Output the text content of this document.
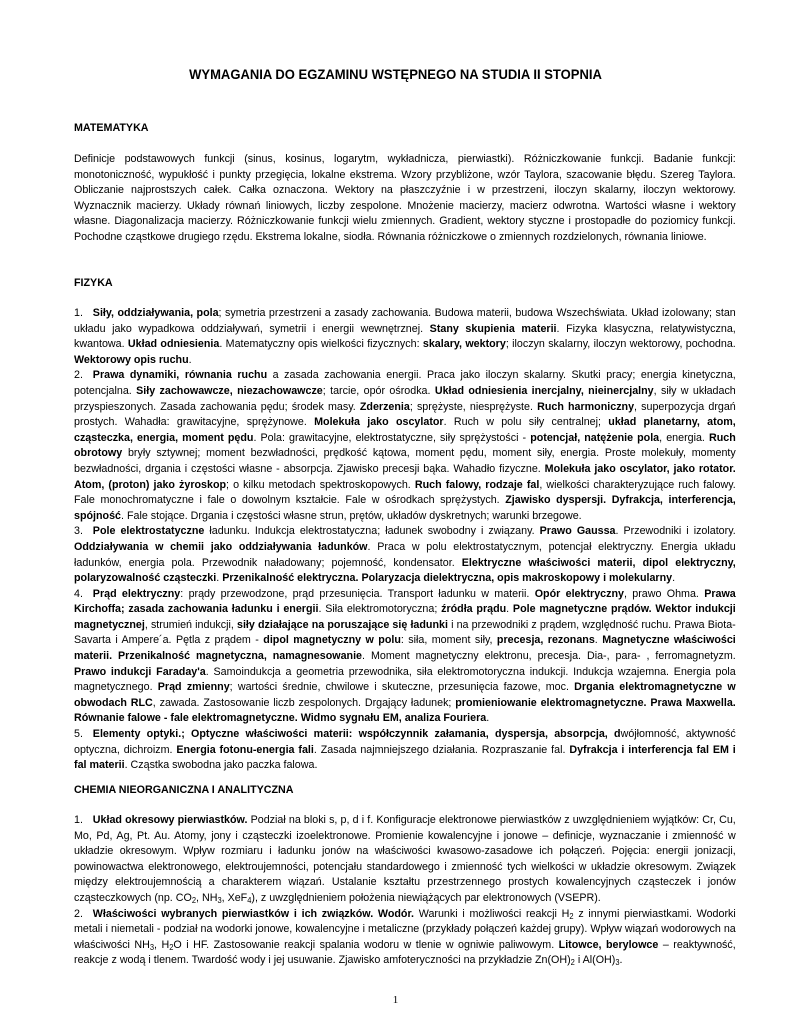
WYMAGANIA DO EGZAMINU WSTĘPNEGO NA STUDIA II STOPNIA
MATEMATYKA

Definicje podstawowych funkcji (sinus, kosinus, logarytm, wykładnicza, pierwiastki). Różniczkowanie funkcji. Badanie funkcji: monotoniczność, wypukłość i punkty przegięcia, lokalne ekstrema. Wzory przybliżone, wzór Taylora, szacowanie błędu. Szereg Taylora. Obliczanie najprostszych całek. Całka oznaczona. Wektory na płaszczyźnie i w przestrzeni, iloczyn skalarny, iloczyn wektorowy. Wyznacznik macierzy. Układy równań liniowych, liczby zespolone. Mnożenie macierzy, macierz odwrotna. Wartości własne i wektory własne. Diagonalizacja macierzy. Różniczkowanie funkcji wielu zmiennych. Gradient, wektory styczne i prostopadłe do poziomicy funkcji. Pochodne cząstkowe drugiego rzędu. Ekstrema lokalne, siodła. Równania różniczkowe o zmiennych rozdzielonych, równania liniowe.

FIZYKA

1. Siły, oddziaływania, pola; symetria przestrzeni a zasady zachowania. Budowa materii, budowa Wszechświata. Układ izolowany; stan układu jako wypadkowa oddziaływań, symetrii i energii wewnętrznej. Stany skupienia materii. Fizyka klasyczna, relatywistyczna, kwantowa. Układ odniesienia. Matematyczny opis wielkości fizycznych: skalary, wektory; iloczyn skalarny, iloczyn wektorowy, pochodna. Wektorowy opis ruchu.

2. Prawa dynamiki, równania ruchu a zasada zachowania energii. Praca jako iloczyn skalarny. Skutki pracy; energia kinetyczna, potencjalna. Siły zachowawcze, niezachowawcze; tarcie, opór ośrodka. Układ odniesienia inercjalny, nieinercjalny, siły w układach przyspieszonych. Zasada zachowania pędu; środek masy. Zderzenia; sprężyste, niesprężyste. Ruch harmoniczny, superpozycja drgań prostych. Wahadła: grawitacyjne, sprężynowe. Molekuła jako oscylator. Ruch w polu siły centralnej; układ planetarny, atom, cząsteczka, energia, moment pędu. Pola: grawitacyjne, elektrostatyczne, siły sprężystości - potencjał, natężenie pola, energia. Ruch obrotowy bryły sztywnej; moment bezwładności, prędkość kątowa, moment pędu, moment siły, energia. Proste molekuły, momenty bezwładności, drgania i częstości własne - absorpcja. Zjawisko precesji bąka. Wahadło fizyczne. Molekuła jako oscylator, jako rotator. Atom, (proton) jako żyroskop; o kilku metodach spektroskopowych. Ruch falowy, rodzaje fal, wielkości charakteryzujące ruch falowy. Fale monochromatyczne i fale o dowolnym kształcie. Fale w ośrodkach sprężystych. Zjawisko dyspersji. Dyfrakcja, interferencja, spójność. Fale stojące. Drgania i częstości własne strun, prętów, układów dyskretnych; warunki brzegowe.

3. Pole elektrostatyczne ładunku. Indukcja elektrostatyczna; ładunek swobodny i związany. Prawo Gaussa. Przewodniki i izolatory. Oddziaływania w chemii jako oddziaływania ładunków. Praca w polu elektrostatycznym, potencjał elektryczny. Energia układu ładunków, energia pola. Przewodnik naładowany; pojemność, kondensator. Elektryczne właściwości materii, dipol elektryczny, polaryzowalność cząsteczki. Przenikalność elektryczna. Polaryzacja dielektryczna, opis makroskopowy i molekularny.

4. Prąd elektryczny: prądy przewodzone, prąd przesunięcia. Transport ładunku w materii. Opór elektryczny, prawo Ohma. Prawa Kirchoffa; zasada zachowania ładunku i energii. Siła elektromotoryczna; źródła prądu. Pole magnetyczne prądów. Wektor indukcji magnetycznej, strumień indukcji, siły działające na poruszające się ładunki i na przewodniki z prądem, względność ruchu. Prawa Biota-Savarta i Ampere´a. Pętla z prądem - dipol magnetyczny w polu: siła, moment siły, precesja, rezonans. Magnetyczne właściwości materii. Przenikalność magnetyczna, namagnesowanie. Moment magnetyczny elektronu, precesja. Dia-, para- , ferromagnetyzm. Prawo indukcji Faraday'a. Samoindukcja a geometria przewodnika, siła elektromotoryczna indukcji. Indukcja wzajemna. Energia pola magnetycznego. Prąd zmienny; wartości średnie, chwilowe i skuteczne, przesunięcia fazowe, moc. Drgania elektromagnetyczne w obwodach RLC, zawada. Zastosowanie liczb zespolonych. Drgający ładunek; promieniowanie elektromagnetyczne. Prawa Maxwella. Równanie falowe - fale elektromagnetyczne. Widmo sygnału EM, analiza Fouriera.

5. Elementy optyki.; Optyczne właściwości materii: współczynnik załamania, dyspersja, absorpcja, dwójłomność, aktywność optyczna, dichroizm. Energia fotonu-energia fali. Zasada najmniejszego działania. Rozpraszanie fal. Dyfrakcja i interferencja fal EM i fal materii. Cząstka swobodna jako paczka falowa.

CHEMIA NIEORGANICZNA I ANALITYCZNA

1. Układ okresowy pierwiastków. Podział na bloki s, p, d i f. Konfiguracje elektronowe pierwiastków z uwzględnieniem wyjątków: Cr, Cu, Mo, Pd, Ag, Pt. Au. Atomy, jony i cząsteczki izoelektronowe. Promienie kowalencyjne i jonowe – definicje, wyznaczanie i zmienność w układzie okresowym. Wpływ rozmiaru i ładunku jonów na właściwości kwasowo-zasadowe ich połączeń. Pojęcia: energii jonizacji, powinowactwa elektronowego, elektroujemności, potencjału standardowego i zmienność tych wielkości w układzie okresowym. Związek między elektroujemnością a charakterem wiązań. Ustalanie kształtu przestrzennego prostych kowalencyjnych cząsteczek i jonów cząsteczkowych (np. $CO_2$, $NH_3$, XeF$_4$), z uwzględnieniem położenia niewiążących par elektronowych (VSEPR).

2. Właściwości wybranych pierwiastków i ich związków. Wodór. Warunki i możliwości reakcji $H_2$ z innymi pierwiastkami. Wodorki metali i niemetali - podział na wodorki jonowe, kowalencyjne i metaliczne (przykłady połączeń każdej grupy). Wpływ wiązań wodorowych na właściwości $NH_3$, $H_2O$ i HF. Zastosowanie reakcji spalania wodoru w tlenie w ogniwie paliwowym. Litowce, berylowce – reaktywność, reakcje z wodą i tlenem. Twardość wody i jej usuwanie. Zjawisko amfoteryczności na przykładzie $Zn(OH)_2$ i $Al(OH)_3$.

1
